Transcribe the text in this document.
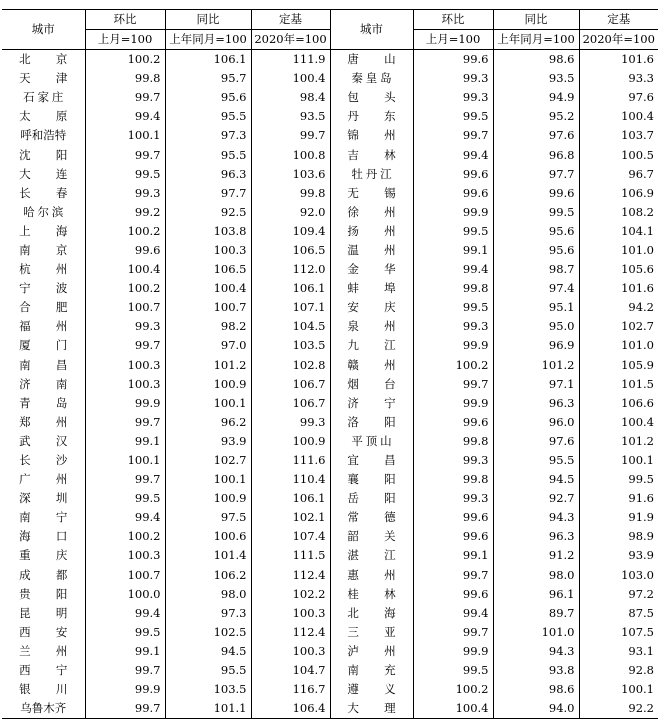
城市	环比	同比	定基	城市	环比	同比	定基
	上月=100	上年同月=100	2020年=100		上月=100	上年同月=100	2020年=100
北京	100.2	106.1	111.9	唐山	99.6	98.6	101.6
天津	99.8	95.7	100.4	秦皇岛	99.3	93.5	93.3
石家庄	99.7	95.6	98.4	包头	99.3	94.9	97.6
太原	99.4	95.5	93.5	丹东	99.5	95.2	100.4
呼和浩特	100.1	97.3	99.7	锦州	99.7	97.6	103.7
沈阳	99.7	95.5	100.8	吉林	99.4	96.8	100.5
大连	99.5	96.3	103.6	牡丹江	99.6	97.7	96.7
长春	99.3	97.7	99.8	无锡	99.6	99.6	106.9
哈尔滨	99.2	92.5	92.0	徐州	99.9	99.5	108.2
上海	100.2	103.8	109.4	扬州	99.5	95.6	104.1
南京	99.6	100.3	106.5	温州	99.1	95.6	101.0
杭州	100.4	106.5	112.0	金华	99.4	98.7	105.6
宁波	100.2	100.4	106.1	蚌埠	99.8	97.4	101.6
合肥	100.7	100.7	107.1	安庆	99.5	95.1	94.2
福州	99.3	98.2	104.5	泉州	99.3	95.0	102.7
厦门	99.7	97.0	103.5	九江	99.9	96.9	101.0
南昌	100.3	101.2	102.8	赣州	100.2	101.2	105.9
济南	100.3	100.9	106.7	烟台	99.7	97.1	101.5
青岛	99.9	100.1	106.7	济宁	99.9	96.3	106.6
郑州	99.7	96.2	99.3	洛阳	99.6	96.0	100.4
武汉	99.1	93.9	100.9	平顶山	99.8	97.6	101.2
长沙	100.1	102.7	111.6	宜昌	99.3	95.5	100.1
广州	99.7	100.1	110.4	襄阳	99.8	94.5	99.5
深圳	99.5	100.9	106.1	岳阳	99.3	92.7	91.6
南宁	99.4	97.5	102.1	常德	99.6	94.3	91.9
海口	100.2	100.6	107.4	韶关	99.6	96.3	98.9
重庆	100.3	101.4	111.5	湛江	99.1	91.2	93.9
成都	100.7	106.2	112.4	惠州	99.7	98.0	103.0
贵阳	100.0	98.0	102.2	桂林	99.6	96.1	97.2
昆明	99.4	97.3	100.3	北海	99.4	89.7	87.5
西安	99.5	102.5	112.4	三亚	99.7	101.0	107.5
兰州	99.1	94.5	100.3	泸州	99.9	94.3	93.1
西宁	99.7	95.5	104.7	南充	99.5	93.8	92.8
银川	99.9	103.5	116.7	遵义	100.2	98.6	100.1
乌鲁木齐	99.7	101.1	106.4	大理	100.4	94.0	92.2
